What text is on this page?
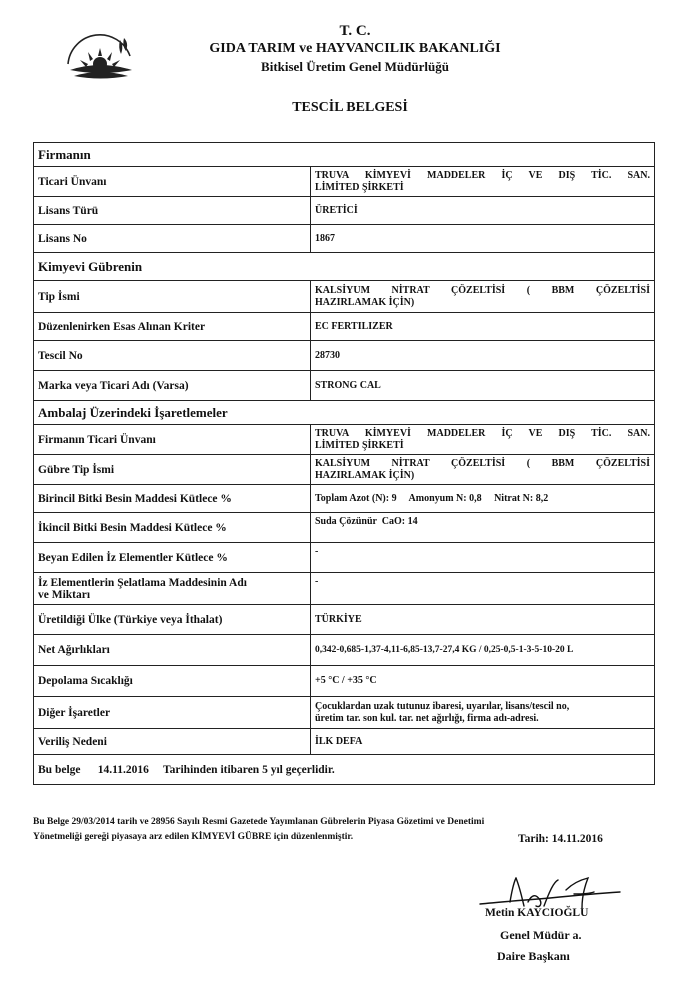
T. C.
GIDA TARIM ve HAYVANCILIK BAKANLIĞI
Bitkisel Üretim Genel Müdürlüğü
TESCİL BELGESİ
Firmanın	
Ticari Ünvanı	TRUVA KİMYEVİ MADDELER İÇ VE DIŞ TİC. SAN.

LİMİTED ŞİRKETİ

Lisans Türü	ÜRETİCİ
Lisans No	1867
Kimyevi Gübrenin	
Tip İsmi	KALSİYUM NİTRAT ÇÖZELTİSİ ( BBM ÇÖZELTİSİ

HAZIRLAMAK İÇİN)

Düzenlenirken Esas Alınan Kriter	EC FERTILIZER
Tescil No	28730
Marka veya Ticari Adı (Varsa)	STRONG CAL
Ambalaj Üzerindeki İşaretlemeler	
Firmanın Ticari Ünvanı	TRUVA KİMYEVİ MADDELER İÇ VE DIŞ TİC. SAN.

LİMİTED ŞİRKETİ

Gübre Tip İsmi	KALSİYUM NİTRAT ÇÖZELTİSİ ( BBM ÇÖZELTİSİ

HAZIRLAMAK İÇİN)

Birincil Bitki Besin Maddesi Kütlece %	Toplam Azot (N): 9     Amonyum N: 0,8     Nitrat N: 8,2
İkincil Bitki Besin Maddesi Kütlece %	Suda Çözünür  CaO: 14
Beyan Edilen İz Elementler Kütlece %	-
İz Elementlerin Şelatlama Maddesinin Adı
ve Miktarı	-
Üretildiği Ülke (Türkiye veya İthalat)	TÜRKİYE
Net Ağırlıkları	0,342-0,685-1,37-4,11-6,85-13,7-27,4 KG / 0,25-0,5-1-3-5-10-20 L
Depolama Sıcaklığı	+5 °C / +35 °C
Diğer İşaretler	Çocuklardan uzak tutunuz ibaresi, uyarılar, lisans/tescil no,
üretim tar. son kul. tar. net ağırlığı, firma adı-adresi.
Veriliş Nedeni	İLK DEFA
Bu belge      14.11.2016     Tarihinden itibaren 5 yıl geçerlidir.	
Bu Belge 29/03/2014 tarih ve 28956 Sayılı Resmi Gazetede Yayımlanan Gübrelerin Piyasa Gözetimi ve Denetimi
Yönetmeliği gereği piyasaya arz edilen KİMYEVİ GÜBRE için düzenlenmiştir.	Tarih: 14.11.2016
Metin KAYCIOĞLU
Genel Müdür a.
Daire Başkanı
